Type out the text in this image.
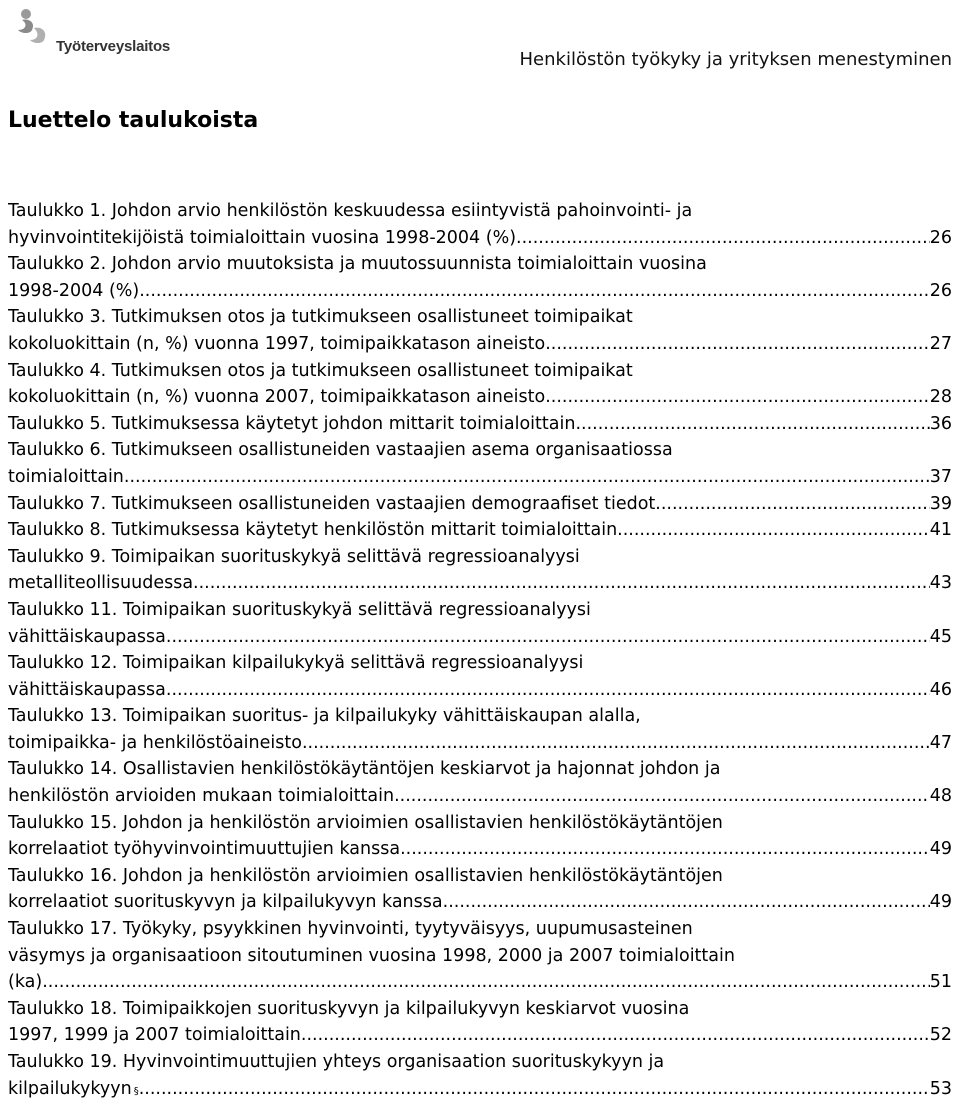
Työterveyslaitos
Henkilöstön työkyky ja yrityksen menestyminen
Luettelo taulukoista
Taulukko 1. Johdon arvio henkilöstön keskuudessa esiintyvistä pahoinvointi- ja
hyvinvointitekijöistä toimialoittain vuosina 1998-2004 (%) .....	26
Taulukko 2. Johdon arvio muutoksista ja muutossuunnista toimialoittain vuosina
1998-2004 (%) .....	26
Taulukko 3. Tutkimuksen otos ja tutkimukseen osallistuneet toimipaikat
kokoluokittain (n, %) vuonna 1997, toimipaikkatason aineisto .....	27
Taulukko 4. Tutkimuksen otos ja tutkimukseen osallistuneet toimipaikat
kokoluokittain (n, %) vuonna 2007, toimipaikkatason aineisto .....	28
Taulukko 5. Tutkimuksessa käytetyt johdon mittarit toimialoittain .....	36
Taulukko 6. Tutkimukseen osallistuneiden vastaajien asema organisaatiossa
toimialoittain .....	37
Taulukko 7. Tutkimukseen osallistuneiden vastaajien demograafiset tiedot .....	39
Taulukko 8. Tutkimuksessa käytetyt henkilöstön mittarit toimialoittain .....	41
Taulukko 9. Toimipaikan suorituskykyä selittävä regressioanalyysi
metalliteollisuudessa .....	43
Taulukko 11. Toimipaikan suorituskykyä selittävä regressioanalyysi
vähittäiskaupassa .....	45
Taulukko 12. Toimipaikan kilpailukykyä selittävä regressioanalyysi
vähittäiskaupassa .....	46
Taulukko 13. Toimipaikan suoritus- ja kilpailukyky vähittäiskaupan alalla,
toimipaikka- ja henkilöstöaineisto .....	47
Taulukko 14. Osallistavien henkilöstökäytäntöjen keskiarvot ja hajonnat johdon ja
henkilöstön arvioiden mukaan toimialoittain .....	48
Taulukko 15. Johdon ja henkilöstön arvioimien osallistavien henkilöstökäytäntöjen
korrelaatiot työhyvinvointimuuttujien kanssa .....	49
Taulukko 16. Johdon ja henkilöstön arvioimien osallistavien henkilöstökäytäntöjen
korrelaatiot suorituskyvyn ja kilpailukyvyn kanssa .....	49
Taulukko 17. Työkyky, psyykkinen hyvinvointi, tyytyväisyys, uupumusasteinen
väsymys ja organisaatioon sitoutuminen vuosina 1998, 2000 ja 2007 toimialoittain
(ka) .....	51
Taulukko 18. Toimipaikkojen suorituskyvyn ja kilpailukyvyn keskiarvot vuosina
1997, 1999 ja 2007 toimialoittain .....	52
Taulukko 19. Hyvinvointimuuttujien yhteys organisaation suorituskykyyn ja
kilpailukykyyn § .....	53
